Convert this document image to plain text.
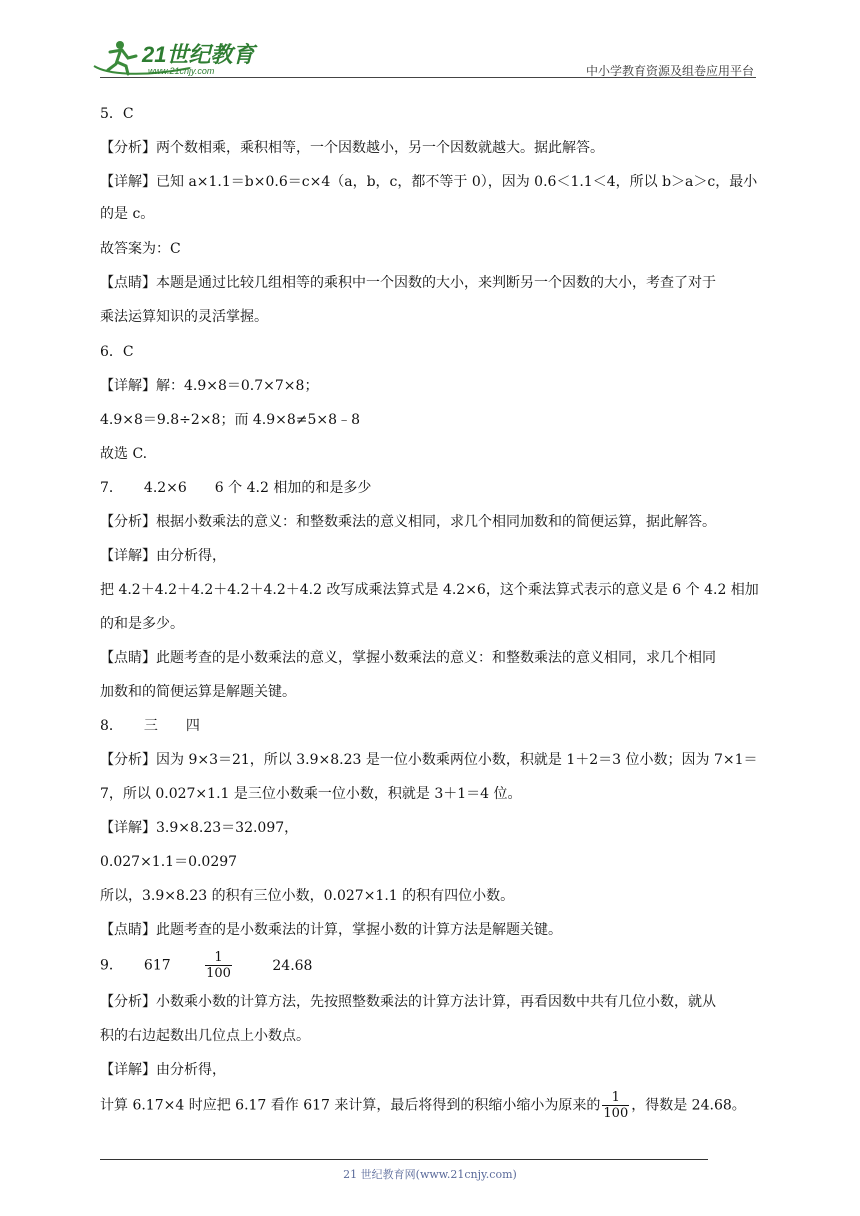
21世纪教育
www.21cnjy.com	中小学教育资源及组卷应用平台
5．C
【分析】两个数相乘，乘积相等，一个因数越小，另一个因数就越大。据此解答。
【详解】已知 a×1.1＝b×0.6＝c×4（a，b，c，都不等于 0），因为 0.6＜1.1＜4，所以 b＞a＞c，最小
的是 c。
故答案为：C
【点睛】本题是通过比较几组相等的乘积中一个因数的大小，来判断另一个因数的大小，考查了对于
乘法运算知识的灵活掌握。
6．C
【详解】解：4.9×8＝0.7×7×8；
4.9×8＝9.8÷2×8；而 4.9×8≠5×8﹣8
故选 C.
7．　　4.2×6　　6 个 4.2 相加的和是多少
【分析】根据小数乘法的意义：和整数乘法的意义相同，求几个相同加数和的简便运算，据此解答。
【详解】由分析得，
把 4.2＋4.2＋4.2＋4.2＋4.2＋4.2 改写成乘法算式是 4.2×6，这个乘法算式表示的意义是 6 个 4.2 相加
的和是多少。
【点睛】此题考查的是小数乘法的意义，掌握小数乘法的意义：和整数乘法的意义相同，求几个相同
加数和的简便运算是解题关键。
8．　　三　　四
【分析】因为 9×3＝21，所以 3.9×8.23 是一位小数乘两位小数，积就是 1＋2＝3 位小数；因为 7×1＝
7，所以 0.027×1.1 是三位小数乘一位小数，积就是 3＋1＝4 位。
【详解】3.9×8.23＝32.097，
0.027×1.1＝0.0297
所以，3.9×8.23 的积有三位小数，0.027×1.1 的积有四位小数。
【点睛】此题考查的是小数乘法的计算，掌握小数的计算方法是解题关键。
9．　　617	$\frac{1}{100}$	24.68
【分析】小数乘小数的计算方法，先按照整数乘法的计算方法计算，再看因数中共有几位小数，就从
积的右边起数出几位点上小数点。
【详解】由分析得，
计算 6.17×4 时应把 6.17 看作 617 来计算，最后将得到的积缩小缩小为原来的 $\frac{1}{100}$ ，得数是 24.68。
21 世纪教育网(www.21cnjy.com)
